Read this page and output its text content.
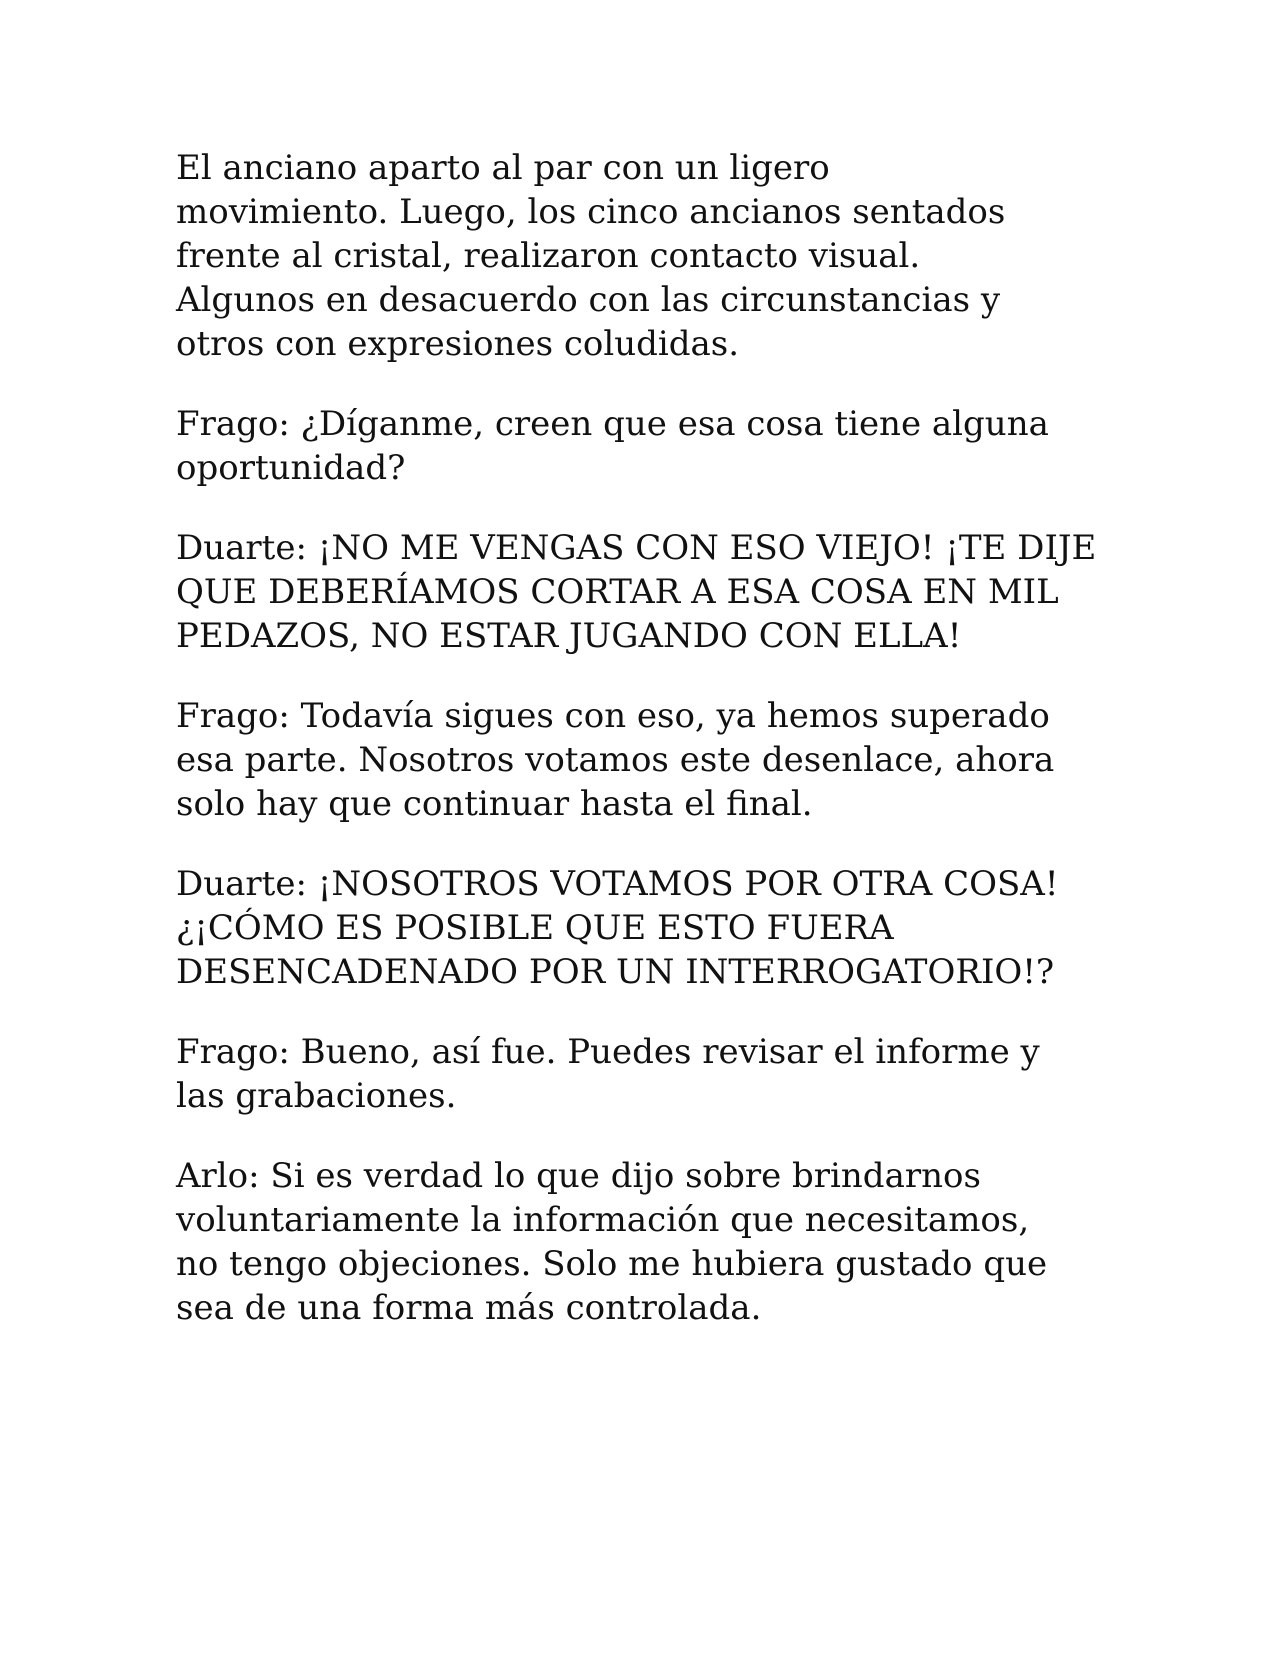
El anciano aparto al par con un ligero
movimiento. Luego, los cinco ancianos sentados
frente al cristal, realizaron contacto visual.
Algunos en desacuerdo con las circunstancias y
otros con expresiones coludidas.

Frago: ¿Díganme, creen que esa cosa tiene alguna
oportunidad?

Duarte: ¡NO ME VENGAS CON ESO VIEJO! ¡TE DIJE
QUE DEBERÍAMOS CORTAR A ESA COSA EN MIL
PEDAZOS, NO ESTAR JUGANDO CON ELLA!

Frago: Todavía sigues con eso, ya hemos superado
esa parte. Nosotros votamos este desenlace, ahora
solo hay que continuar hasta el final.

Duarte: ¡NOSOTROS VOTAMOS POR OTRA COSA!
¿¡CÓMO ES POSIBLE QUE ESTO FUERA
DESENCADENADO POR UN INTERROGATORIO!?

Frago: Bueno, así fue. Puedes revisar el informe y
las grabaciones.

Arlo: Si es verdad lo que dijo sobre brindarnos
voluntariamente la información que necesitamos,
no tengo objeciones. Solo me hubiera gustado que
sea de una forma más controlada.
